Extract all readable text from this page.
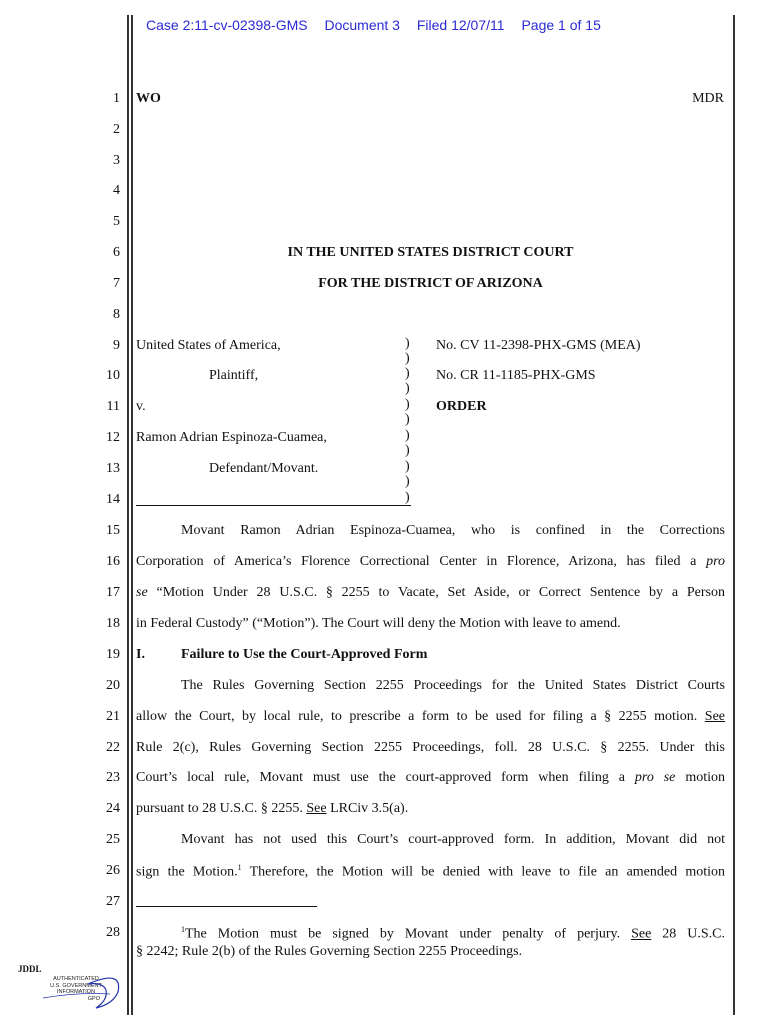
Case 2:11-cv-02398-GMS Document 3 Filed 12/07/11 Page 1 of 15
1
2
3
4
5
6
7
8
9
10
11
12
13
14
15
16
17
18
19
20
21
22
23
24
25
26
27
28
WO	MDR
IN THE UNITED STATES DISTRICT COURT
FOR THE DISTRICT OF ARIZONA
United States of America,
Plaintiff,
v.
Ramon Adrian Espinoza-Cuamea,
Defendant/Movant.
)
)
)
)
)
)
)
)
)
)
)
No. CV 11-2398-PHX-GMS (MEA)
No. CR 11-1185-PHX-GMS
ORDER
Movant Ramon Adrian Espinoza-Cuamea, who is confined in the Corrections
Corporation of America’s Florence Correctional Center in Florence, Arizona, has filed a pro
se “Motion Under 28 U.S.C. § 2255 to Vacate, Set Aside, or Correct Sentence by a Person
in Federal Custody” (“Motion”). The Court will deny the Motion with leave to amend.
I.	Failure to Use the Court-Approved Form
The Rules Governing Section 2255 Proceedings for the United States District Courts
allow the Court, by local rule, to prescribe a form to be used for filing a § 2255 motion. See
Rule 2(c), Rules Governing Section 2255 Proceedings, foll. 28 U.S.C. § 2255. Under this
Court’s local rule, Movant must use the court-approved form when filing a pro se motion
pursuant to 28 U.S.C. § 2255. See LRCiv 3.5(a).
Movant has not used this Court’s court-approved form. In addition, Movant did not
sign the Motion.$^1$ Therefore, the Motion will be denied with leave to file an amended motion
$^1$The Motion must be signed by Movant under penalty of perjury. See 28 U.S.C.
§ 2242; Rule 2(b) of the Rules Governing Section 2255 Proceedings.
JDDL
AUTHENTICATED
U.S. GOVERNMENT
INFORMATION
GPO
